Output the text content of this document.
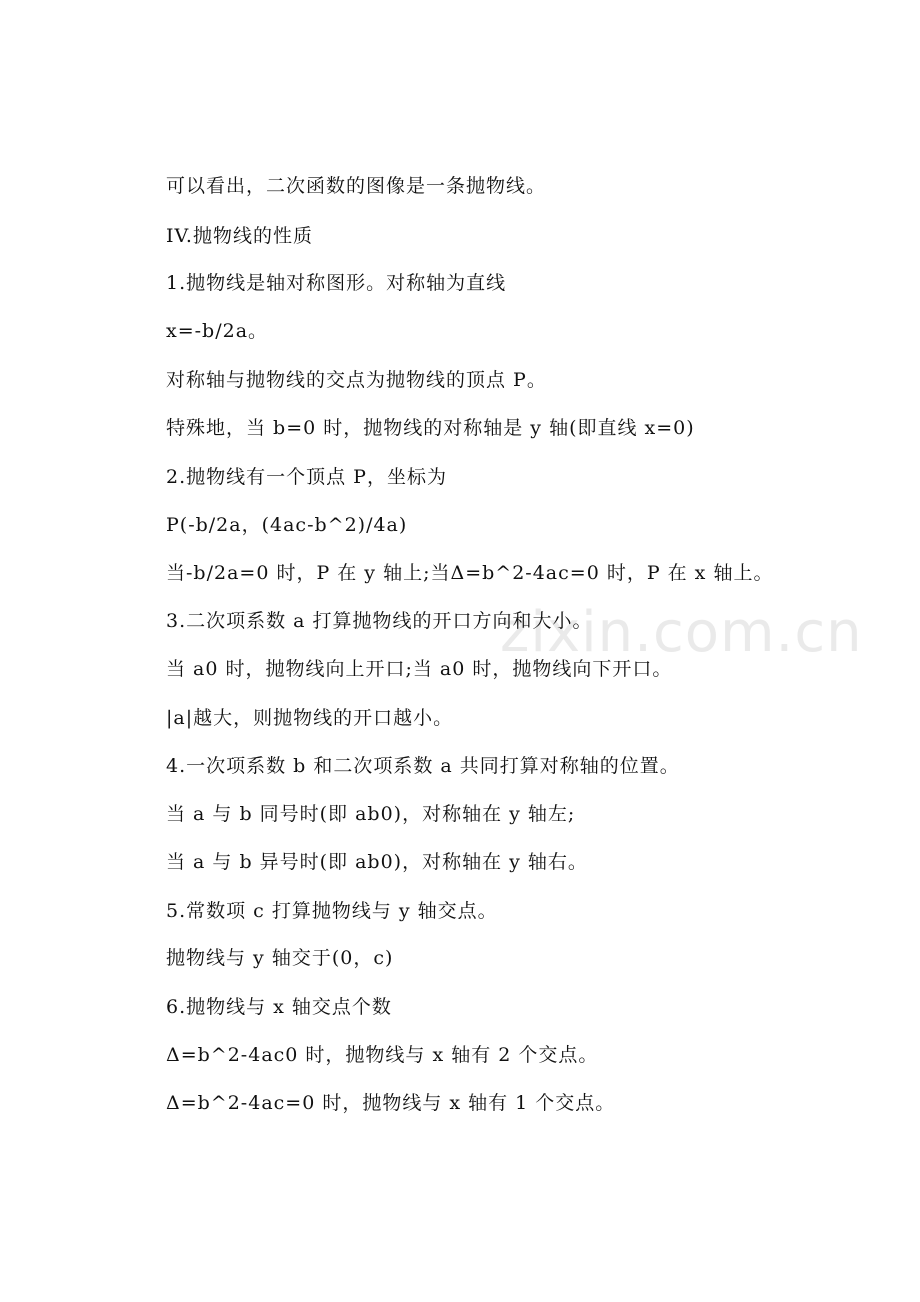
zixin.com.cn
可以看出，二次函数的图像是一条抛物线。
IV.抛物线的性质
1.抛物线是轴对称图形。对称轴为直线
x=-b/2a。
对称轴与抛物线的交点为抛物线的顶点 P。
特殊地，当 b=0 时，抛物线的对称轴是 y 轴(即直线 x=0)
2.抛物线有一个顶点 P，坐标为
P(-b/2a，(4ac-b^2)/4a)
当-b/2a=0 时，P 在 y 轴上;当Δ=b^2-4ac=0 时，P 在 x 轴上。
3.二次项系数 a 打算抛物线的开口方向和大小。
当 a0 时，抛物线向上开口;当 a0 时，抛物线向下开口。
|a|越大，则抛物线的开口越小。
4.一次项系数 b 和二次项系数 a 共同打算对称轴的位置。
当 a 与 b 同号时(即 ab0)，对称轴在 y 轴左;
当 a 与 b 异号时(即 ab0)，对称轴在 y 轴右。
5.常数项 c 打算抛物线与 y 轴交点。
抛物线与 y 轴交于(0，c)
6.抛物线与 x 轴交点个数
Δ=b^2-4ac0 时，抛物线与 x 轴有 2 个交点。
Δ=b^2-4ac=0 时，抛物线与 x 轴有 1 个交点。
